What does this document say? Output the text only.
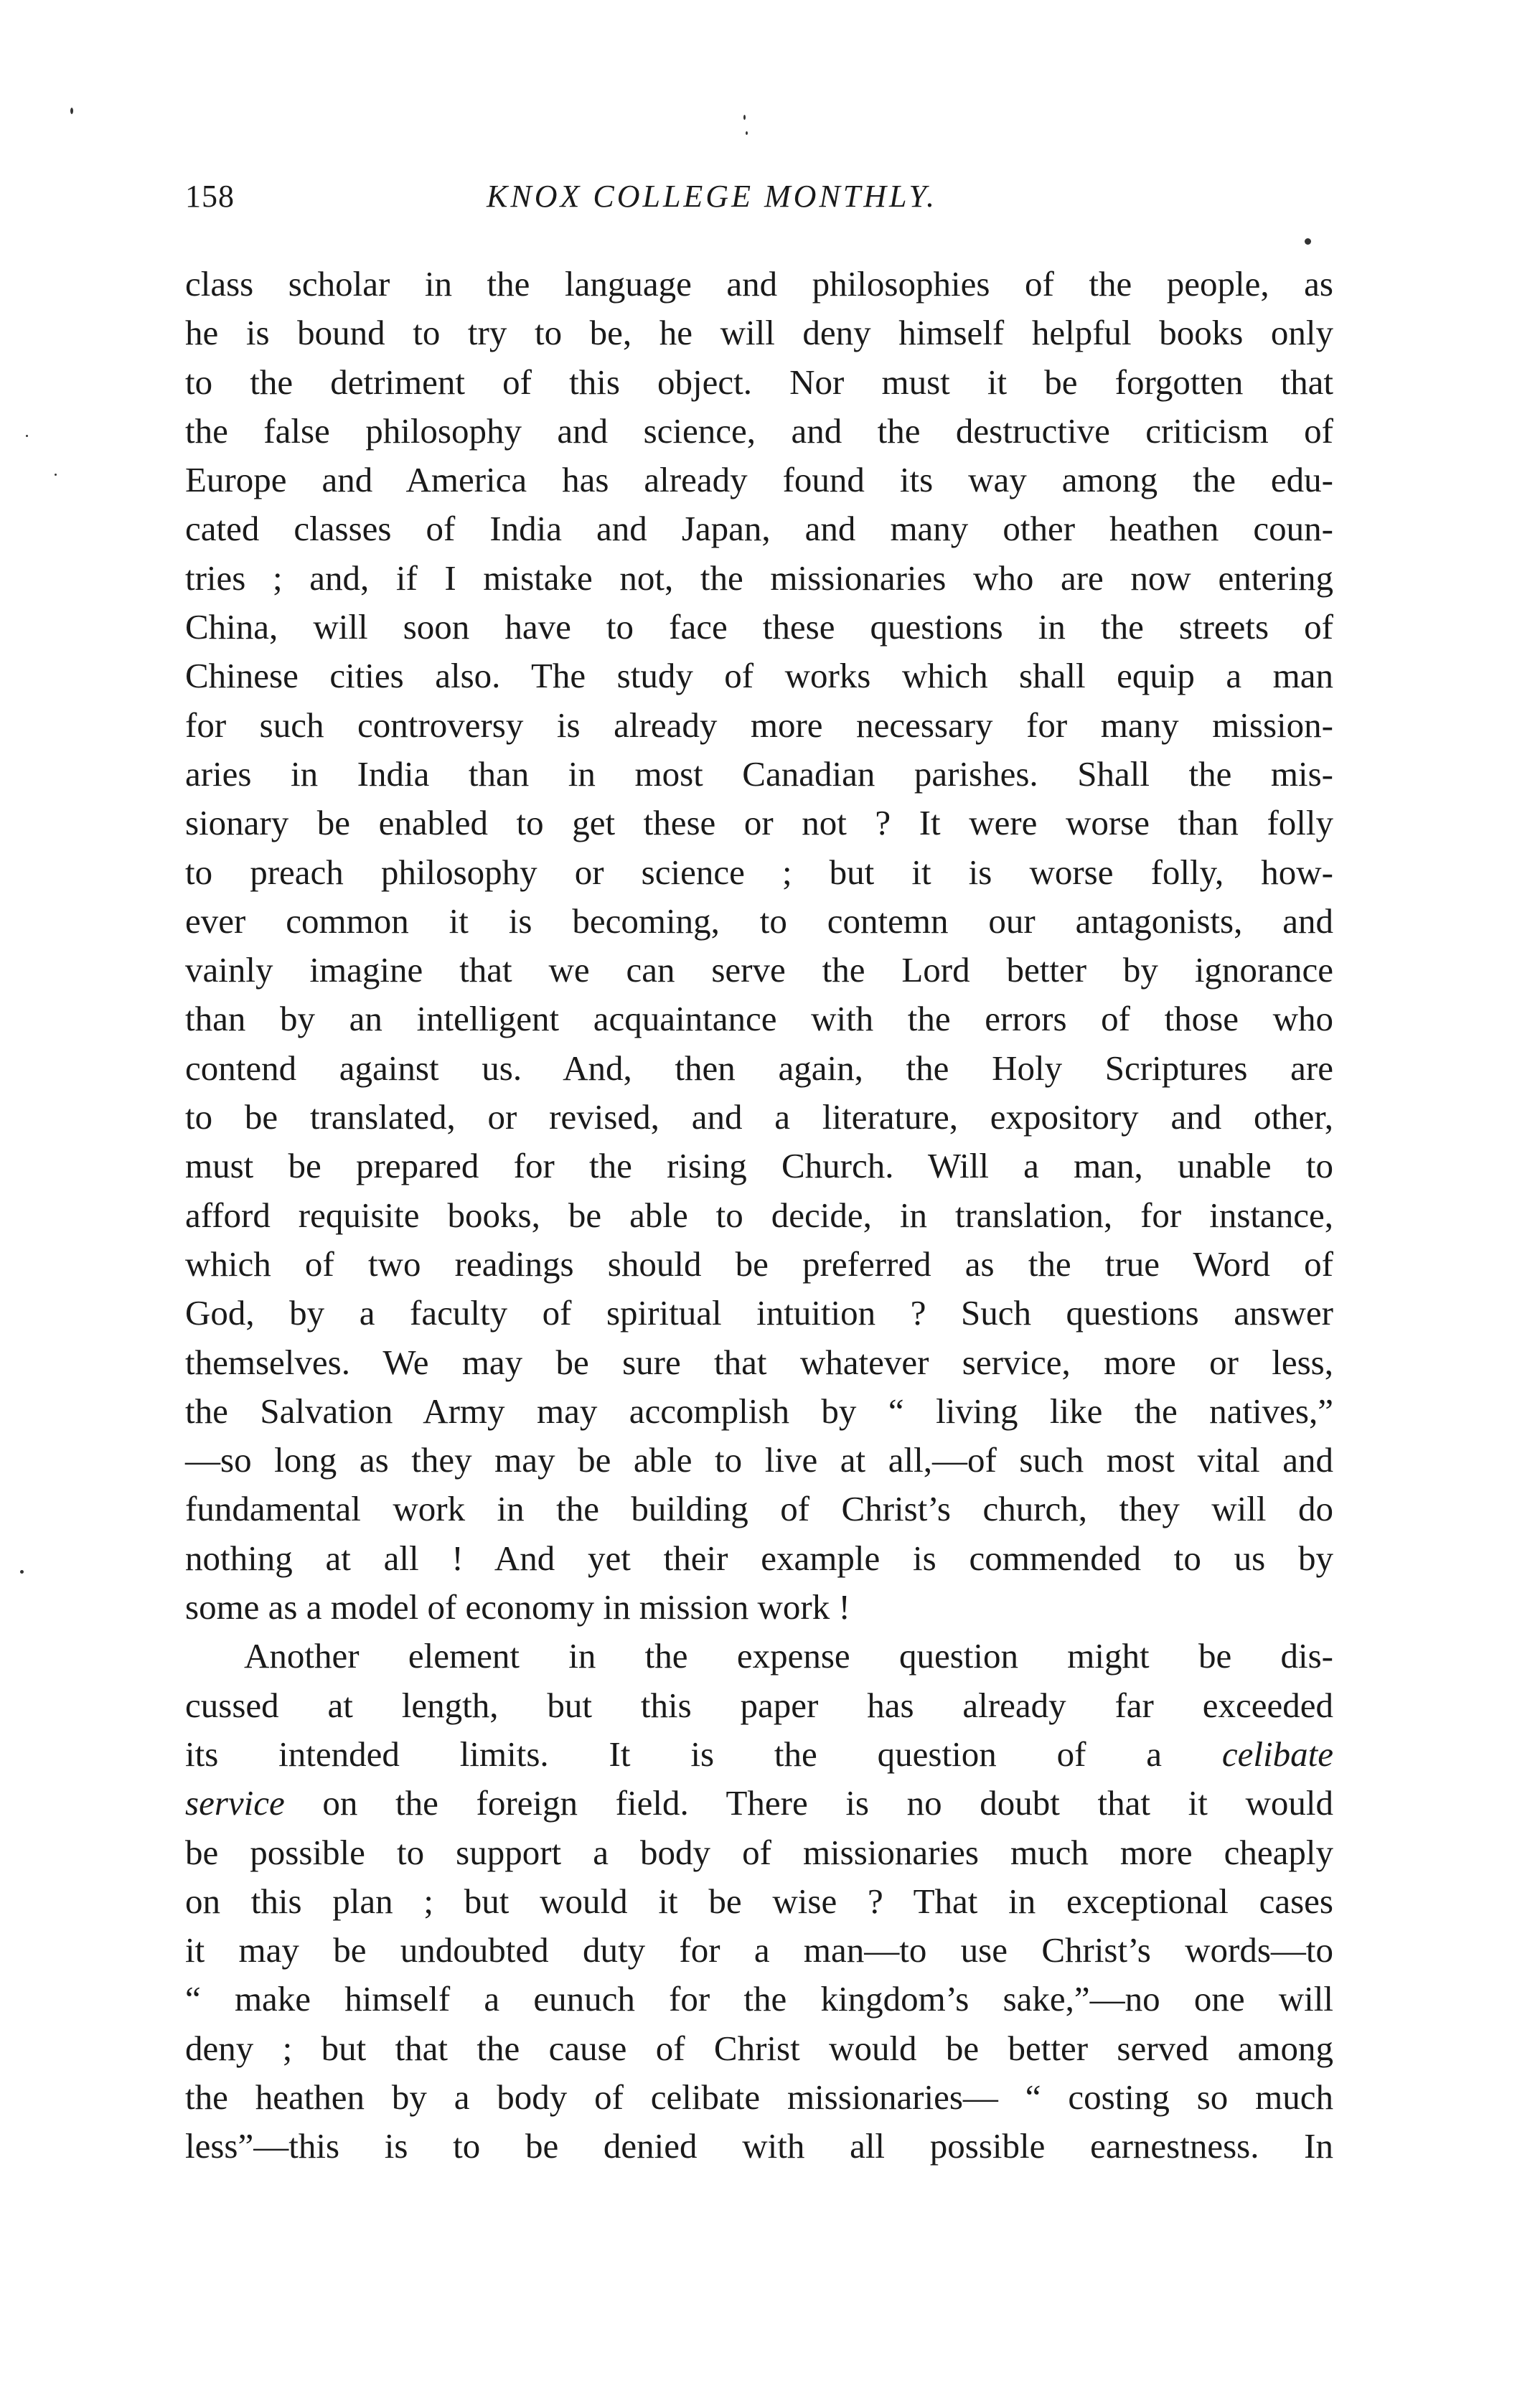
158	KNOX COLLEGE MONTHLY.
class scholar in the language and philosophies of the people, as
he is bound to try to be, he will deny himself helpful books only
to the detriment of this object. Nor must it be forgotten that
the false philosophy and science, and the destructive criticism of
Europe and America has already found its way among the edu-
cated classes of India and Japan, and many other heathen coun-
tries ; and, if I mistake not, the missionaries who are now entering
China, will soon have to face these questions in the streets of
Chinese cities also. The study of works which shall equip a man
for such controversy is already more necessary for many mission-
aries in India than in most Canadian parishes. Shall the mis-
sionary be enabled to get these or not ? It were worse than folly
to preach philosophy or science ; but it is worse folly, how-
ever common it is becoming, to contemn our antagonists, and
vainly imagine that we can serve the Lord better by ignorance
than by an intelligent acquaintance with the errors of those who
contend against us. And, then again, the Holy Scriptures are
to be translated, or revised, and a literature, expository and other,
must be prepared for the rising Church. Will a man, unable to
afford requisite books, be able to decide, in translation, for instance,
which of two readings should be preferred as the true Word of
God, by a faculty of spiritual intuition ? Such questions answer
themselves. We may be sure that whatever service, more or less,
the Salvation Army may accomplish by “ living like the natives,”
—so long as they may be able to live at all,—of such most vital and
fundamental work in the building of Christ’s church, they will do
nothing at all ! And yet their example is commended to us by
some as a model of economy in mission work !
Another element in the expense question might be dis-
cussed at length, but this paper has already far exceeded
its intended limits. It is the question of a celibate
service on the foreign field. There is no doubt that it would
be possible to support a body of missionaries much more cheaply
on this plan ; but would it be wise ? That in exceptional cases
it may be undoubted duty for a man—to use Christ’s words—to
“ make himself a eunuch for the kingdom’s sake,”—no one will
deny ; but that the cause of Christ would be better served among
the heathen by a body of celibate missionaries— “ costing so much
less”—this is to be denied with all possible earnestness. In
